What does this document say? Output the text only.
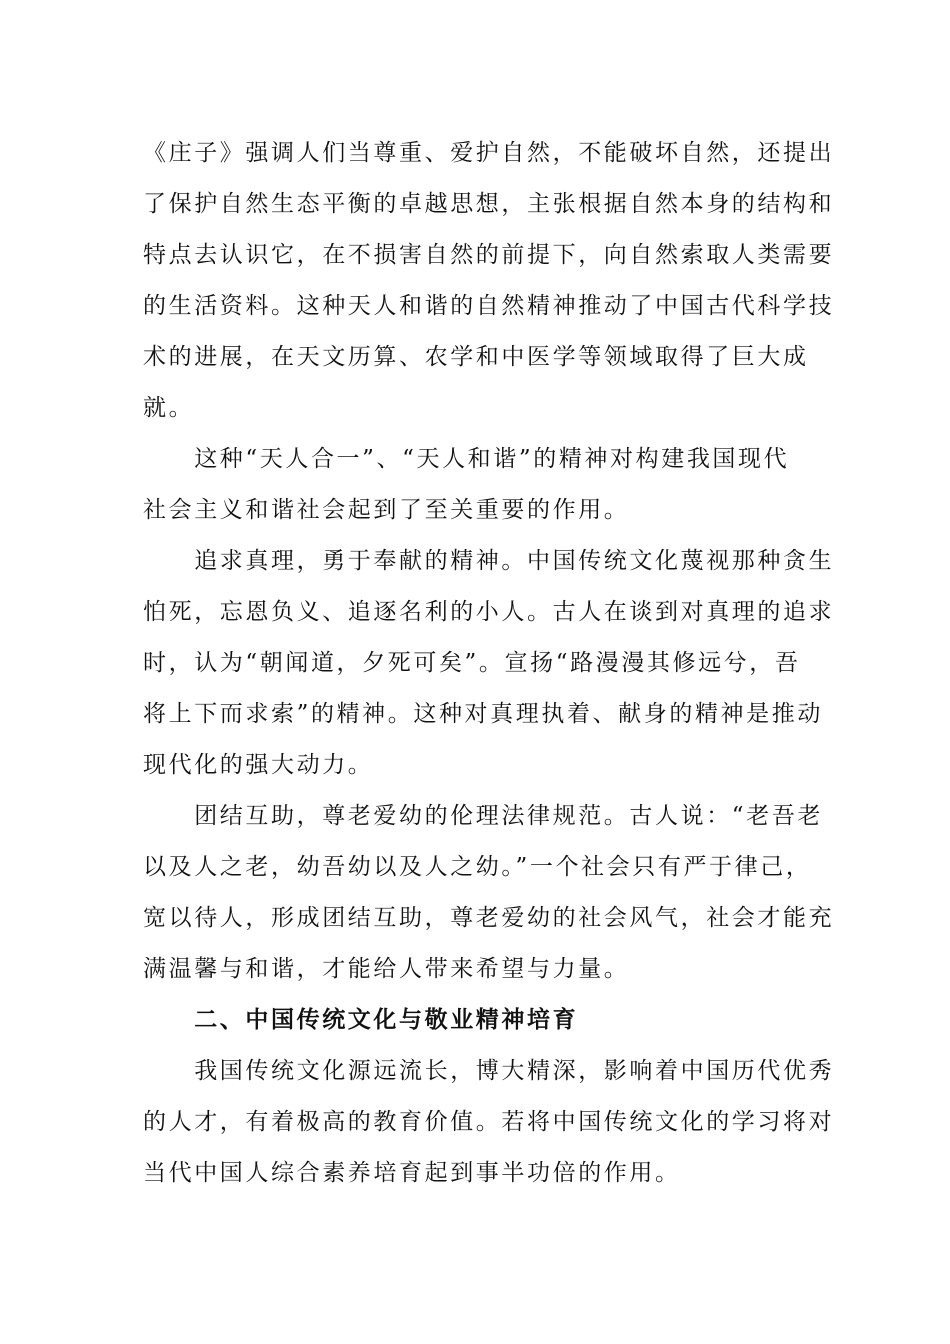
《庄子》强调人们当尊重、爱护自然，不能破坏自然，还提出
了保护自然生态平衡的卓越思想，主张根据自然本身的结构和
特点去认识它，在不损害自然的前提下，向自然索取人类需要
的生活资料。这种天人和谐的自然精神推动了中国古代科学技
术的进展，在天文历算、农学和中医学等领域取得了巨大成
就。
　　这种“天人合一”、“天人和谐”的精神对构建我国现代
社会主义和谐社会起到了至关重要的作用。
　　追求真理，勇于奉献的精神。中国传统文化蔑视那种贪生
怕死，忘恩负义、追逐名利的小人。古人在谈到对真理的追求
时，认为“朝闻道，夕死可矣”。宣扬“路漫漫其修远兮，吾
将上下而求索”的精神。这种对真理执着、献身的精神是推动
现代化的强大动力。
　　团结互助，尊老爱幼的伦理法律规范。古人说：“老吾老
以及人之老，幼吾幼以及人之幼。”一个社会只有严于律己，
宽以待人，形成团结互助，尊老爱幼的社会风气，社会才能充
满温馨与和谐，才能给人带来希望与力量。
　　二、中国传统文化与敬业精神培育
　　我国传统文化源远流长，博大精深，影响着中国历代优秀
的人才，有着极高的教育价值。若将中国传统文化的学习将对
当代中国人综合素养培育起到事半功倍的作用。
